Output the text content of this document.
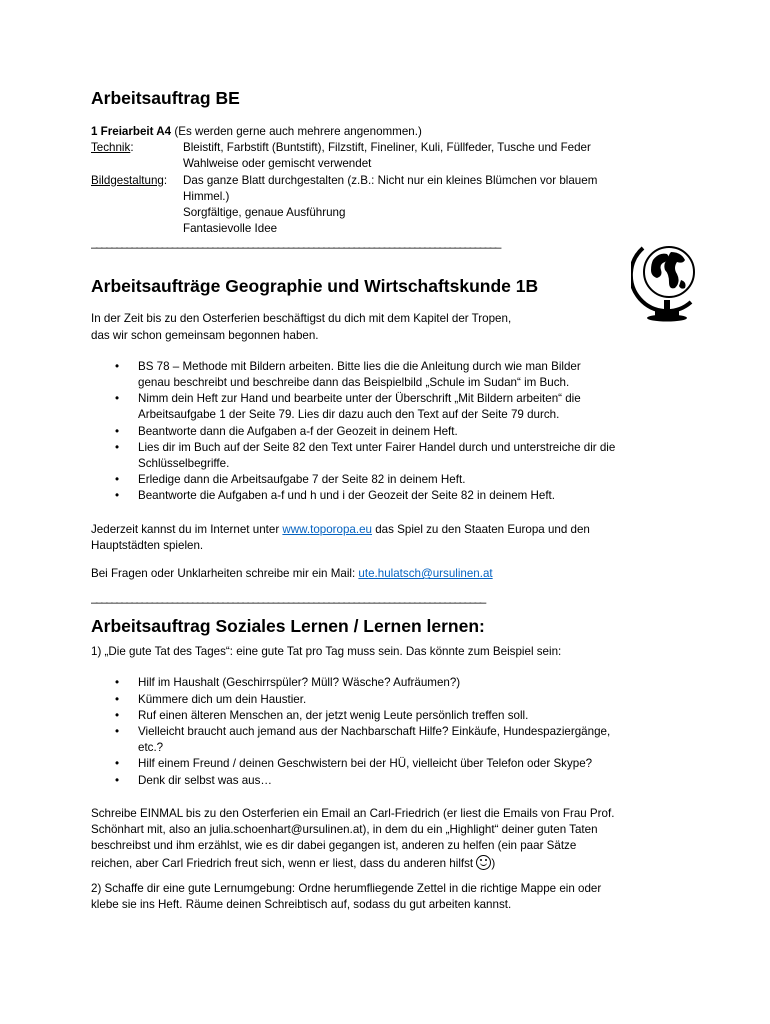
Arbeitsauftrag BE

1 Freiarbeit A4 (Es werden gerne auch mehrere angenommen.)

Technik:	Bleistift, Farbstift (Buntstift), Filzstift, Fineliner, Kuli, Füllfeder, Tusche und Feder
Wahlweise oder gemischt verwendet
Bildgestaltung:	Das ganze Blatt durchgestalten (z.B.: Nicht nur ein kleines Blümchen vor blauem
Himmel.)
Sorgfältige, genaue Ausführung
Fantasievolle Idee
_________________________________________________________________________________
Arbeitsaufträge Geographie und Wirtschaftskunde 1B

In der Zeit bis zu den Osterferien beschäftigst du dich mit dem Kapitel der Tropen,

das wir schon gemeinsam begonnen haben.

• BS 78 – Methode mit Bildern arbeiten. Bitte lies die die Anleitung durch wie man Bilder
genau beschreibt und beschreibe dann das Beispielbild „Schule im Sudan“ im Buch.
• Nimm dein Heft zur Hand und bearbeite unter der Überschrift „Mit Bildern arbeiten“ die
Arbeitsaufgabe 1 der Seite 79. Lies dir dazu auch den Text auf der Seite 79 durch.
• Beantworte dann die Aufgaben a-f der Geozeit in deinem Heft.
• Lies dir im Buch auf der Seite 82 den Text unter Fairer Handel durch und unterstreiche dir die
Schlüsselbegriffe.
• Erledige dann die Arbeitsaufgabe 7 der Seite 82 in deinem Heft.
• Beantworte die Aufgaben a-f und h und i der Geozeit der Seite 82 in deinem Heft.

Jederzeit kannst du im Internet unter www.toporopa.eu das Spiel zu den Staaten Europa und den

Hauptstädten spielen.

Bei Fragen oder Unklarheiten schreibe mir ein Mail: ute.hulatsch@ursulinen.at

______________________________________________________________________________
Arbeitsauftrag Soziales Lernen / Lernen lernen:

1) „Die gute Tat des Tages“: eine gute Tat pro Tag muss sein. Das könnte zum Beispiel sein:

• Hilf im Haushalt (Geschirrspüler? Müll? Wäsche? Aufräumen?)
• Kümmere dich um dein Haustier.
• Ruf einen älteren Menschen an, der jetzt wenig Leute persönlich treffen soll.
• Vielleicht braucht auch jemand aus der Nachbarschaft Hilfe? Einkäufe, Hundespaziergänge,
etc.?
• Hilf einem Freund / deinen Geschwistern bei der HÜ, vielleicht über Telefon oder Skype?
• Denk dir selbst was aus…

Schreibe EINMAL bis zu den Osterferien ein Email an Carl-Friedrich (er liest die Emails von Frau Prof.

Schönhart mit, also an julia.schoenhart@ursulinen.at), in dem du ein „Highlight“ deiner guten Taten

beschreibst und ihm erzählst, wie es dir dabei gegangen ist, anderen zu helfen (ein paar Sätze

reichen, aber Carl Friedrich freut sich, wenn er liest, dass du anderen hilfst )

2) Schaffe dir eine gute Lernumgebung: Ordne herumfliegende Zettel in die richtige Mappe ein oder

klebe sie ins Heft. Räume deinen Schreibtisch auf, sodass du gut arbeiten kannst.
